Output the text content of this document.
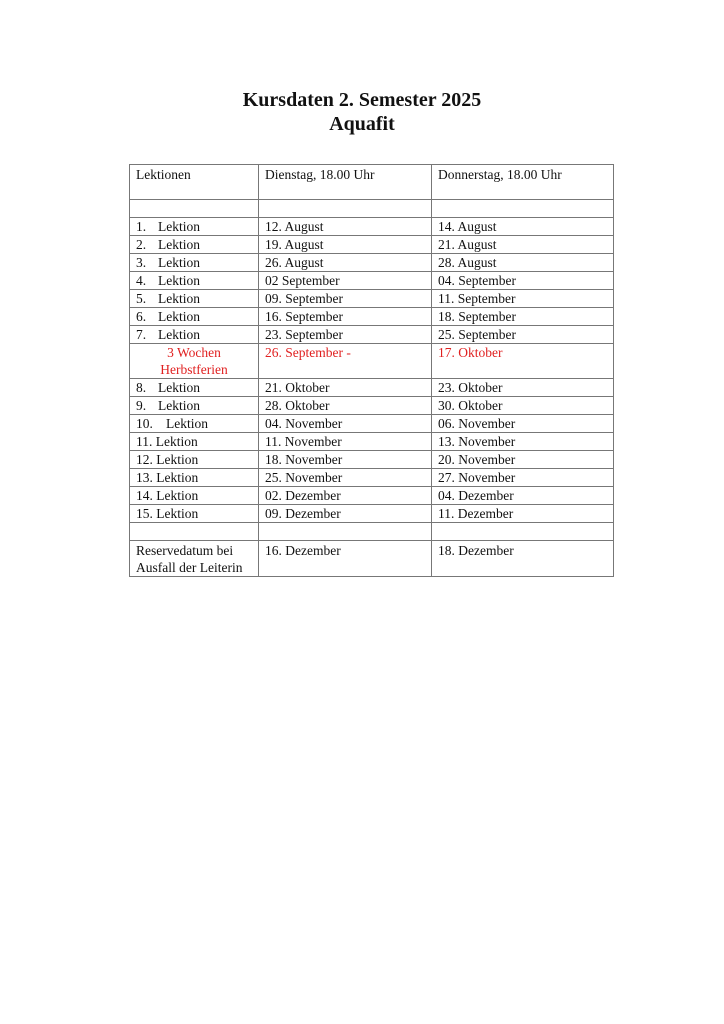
Kursdaten 2. Semester 2025
Aquafit
Lektionen	Dienstag, 18.00 Uhr	Donnerstag, 18.00 Uhr

1. Lektion	12. August	14. August
2. Lektion	19. August	21. August
3. Lektion	26. August	28. August
4. Lektion	02 September	04. September
5. Lektion	09. September	11. September
6. Lektion	16. September	18. September
7. Lektion	23. September	25. September

3 Wochen
Herbstferien	26. September -	17. Oktober
8. Lektion	21. Oktober	23. Oktober
9. Lektion	28. Oktober	30. Oktober
10. Lektion	04. November	06. November
11. Lektion	11. November	13. November
12. Lektion	18. November	20. November
13. Lektion	25. November	27. November
14. Lektion	02. Dezember	04. Dezember
15. Lektion	09. Dezember	11. Dezember

Reservedatum bei
Ausfall der Leiterin	16. Dezember	18. Dezember
